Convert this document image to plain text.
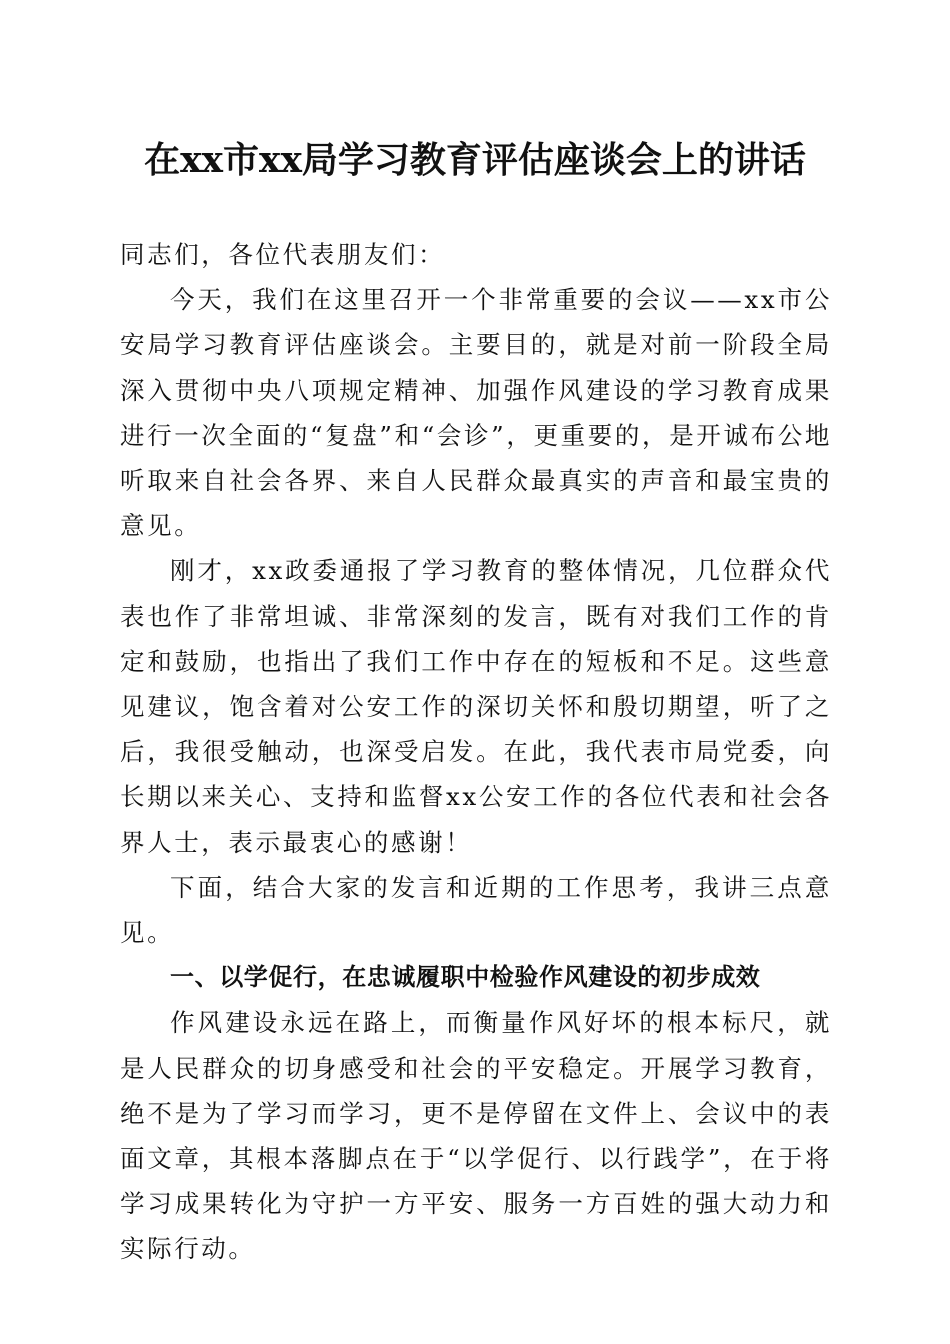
在xx市xx局学习教育评估座谈会上的讲话

同志们，各位代表朋友们：

今天，我们在这里召开一个非常重要的会议——xx市公安局学习教育评估座谈会。主要目的，就是对前一阶段全局深入贯彻中央八项规定精神、加强作风建设的学习教育成果进行一次全面的“复盘”和“会诊”，更重要的，是开诚布公地听取来自社会各界、来自人民群众最真实的声音和最宝贵的意见。

刚才，xx政委通报了学习教育的整体情况，几位群众代表也作了非常坦诚、非常深刻的发言，既有对我们工作的肯定和鼓励，也指出了我们工作中存在的短板和不足。这些意见建议，饱含着对公安工作的深切关怀和殷切期望，听了之后，我很受触动，也深受启发。在此，我代表市局党委，向长期以来关心、支持和监督xx公安工作的各位代表和社会各界人士，表示最衷心的感谢！

下面，结合大家的发言和近期的工作思考，我讲三点意见。

一、以学促行，在忠诚履职中检验作风建设的初步成效

作风建设永远在路上，而衡量作风好坏的根本标尺，就是人民群众的切身感受和社会的平安稳定。开展学习教育，绝不是为了学习而学习，更不是停留在文件上、会议中的表面文章，其根本落脚点在于“以学促行、以行践学”，在于将学习成果转化为守护一方平安、服务一方百姓的强大动力和实际行动。
